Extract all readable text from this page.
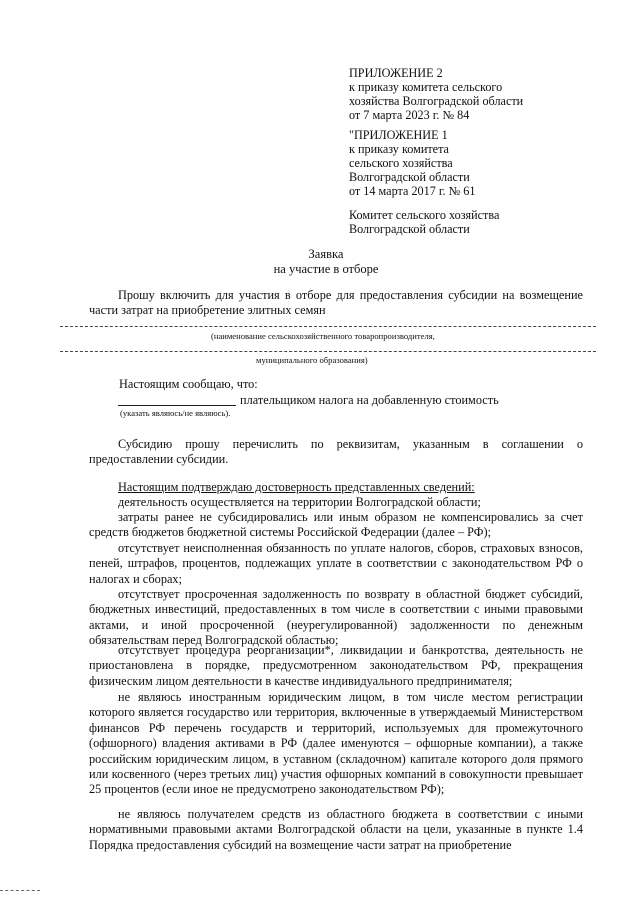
ПРИЛОЖЕНИЕ 2

к приказу комитета сельского

хозяйства Волгоградской области

от 7 марта 2023 г. № 84

"ПРИЛОЖЕНИЕ 1

к приказу комитета

сельского хозяйства

Волгоградской области

от 14 марта 2017 г. № 61

Комитет сельского хозяйства

Волгоградской области

Заявка

на участие в отборе

Прошу включить для участия в отборе для предоставления субсидии на возмещение части затрат на приобретение элитных семян

(наименование сельскохозяйственного товаропроизводителя,

муниципального образования)

Настоящим сообщаю, что:

плательщиком налога на добавленную стоимость

(указать являюсь/не являюсь).

Субсидию прошу перечислить по реквизитам, указанным в соглашении о предоставлении субсидии.

Настоящим подтверждаю достоверность представленных сведений:

деятельность осуществляется на территории Волгоградской области;

затраты ранее не субсидировались или иным образом не компенсировались за счет средств бюджетов бюджетной системы Российской Федерации (далее – РФ);

отсутствует неисполненная обязанность по уплате налогов, сборов, страховых взносов, пеней, штрафов, процентов, подлежащих уплате в соответствии с законодательством РФ о налогах и сборах;

отсутствует просроченная задолженность по возврату в областной бюджет субсидий, бюджетных инвестиций, предоставленных в том числе в соответствии с иными правовыми актами, и иной просроченной (неурегулированной) задолженности по денежным обязательствам перед Волгоградской областью;

отсутствует процедура реорганизации*, ликвидации и банкротства, деятельность не приостановлена в порядке, предусмотренном законодательством РФ, прекращения физическим лицом деятельности в качестве индивидуального предпринимателя;

не являюсь иностранным юридическим лицом, в том числе местом регистрации которого является государство или территория, включенные в утверждаемый Министерством финансов РФ перечень государств и территорий, используемых для промежуточного (офшорного) владения активами в РФ (далее именуются – офшорные компании), а также российским юридическим лицом, в уставном (складочном) капитале которого доля прямого или косвенного (через третьих лиц) участия офшорных компаний в совокупности превышает 25 процентов (если иное не предусмотрено законодательством РФ);

не являюсь получателем средств из областного бюджета в соответствии с иными нормативными правовыми актами Волгоградской области на цели, указанные в пункте 1.4 Порядка предоставления субсидий на возмещение части затрат на приобретение
